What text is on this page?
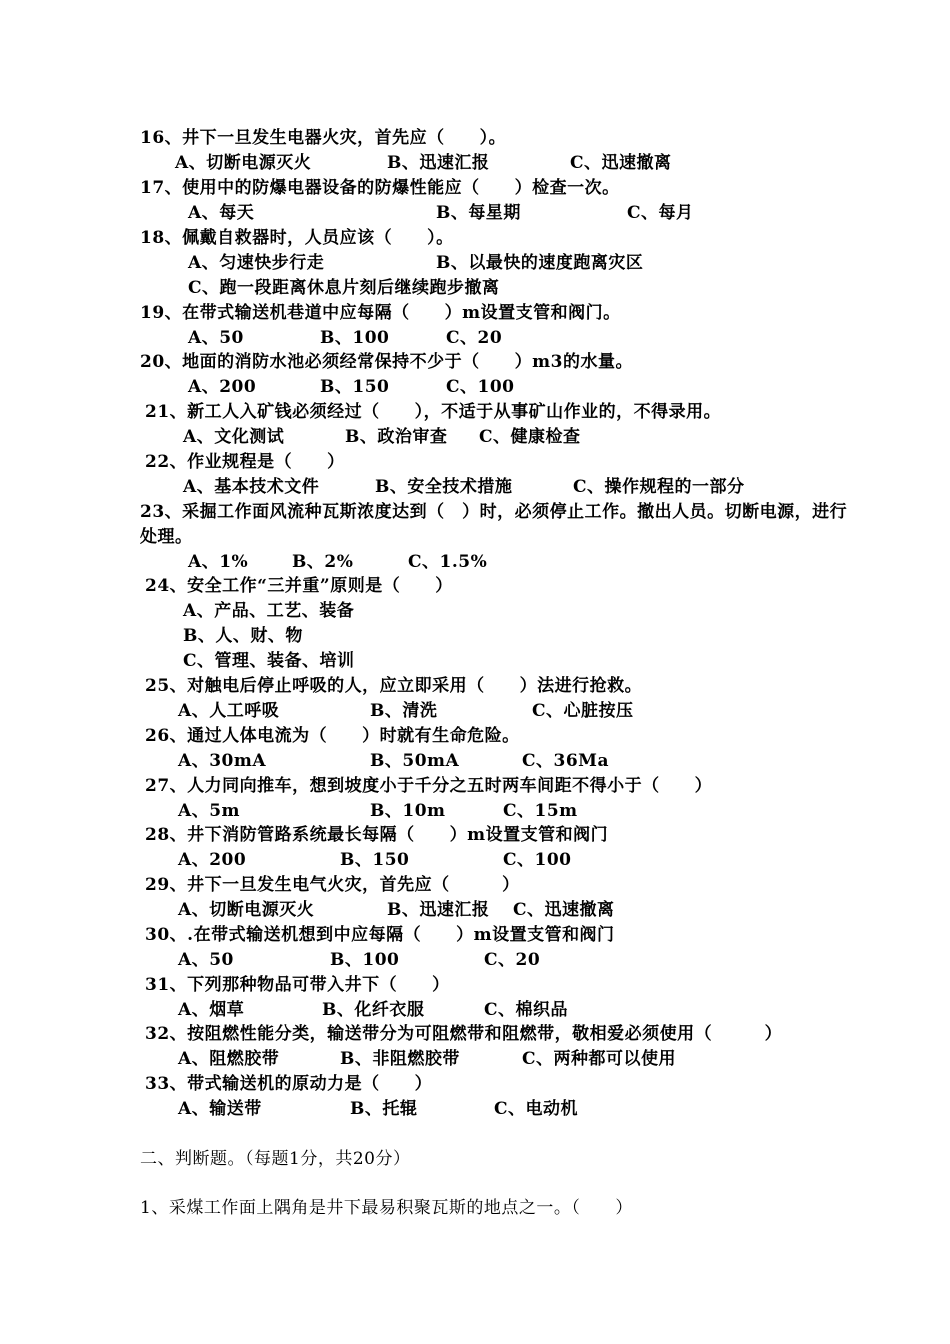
16、井下一旦发生电器火灾，首先应（　　）。
A、切断电源灭火	B、迅速汇报	C、迅速撤离
17、使用中的防爆电器设备的防爆性能应（　　）检查一次。
A、每天	B、每星期	C、每月
18、佩戴自救器时，人员应该（　　）。
A、匀速快步行走	B、以最快的速度跑离灾区
C、跑一段距离休息片刻后继续跑步撤离
19、在带式输送机巷道中应每隔（　　）m设置支管和阀门。
A、50	B、100	C、20
20、地面的消防水池必须经常保持不少于（　　）m3的水量。
A、200	B、150	C、100
21、新工人入矿钱必须经过（　　），不适于从事矿山作业的，不得录用。
A、文化测试	B、政治审查 C、健康检查
22、作业规程是（　　）
A、基本技术文件	B、安全技术措施	C、操作规程的一部分
23、采掘工作面风流种瓦斯浓度达到（　）时，必须停止工作。撤出人员。切断电源，进行
处理。
A、1%	B、2%	C、1.5%
24、安全工作“三并重”原则是（　　）
A、产品、工艺、装备
B、人、财、物
C、管理、装备、培训
25、对触电后停止呼吸的人，应立即采用（　　）法进行抢救。
A、人工呼吸	B、清洗	C、心脏按压
26、通过人体电流为（　　）时就有生命危险。
A、30mA	B、50mA	C、36Ma
27、人力同向推车，想到坡度小于千分之五时两车间距不得小于（　　）
A、5m	B、10m	C、15m
28、井下消防管路系统最长每隔（　　）m设置支管和阀门
A、200	B、150	C、100
29、井下一旦发生电气火灾，首先应（　　　）
A、切断电源灭火	B、迅速汇报 C、迅速撤离
30、.在带式输送机想到中应每隔（　　）m设置支管和阀门
A、50	B、100	C、20
31、下列那种物品可带入井下（　　）
A、烟草	B、化纤衣服	C、棉织品
32、按阻燃性能分类，输送带分为可阻燃带和阻燃带，敬相爱必须使用（　　　）
A、阻燃胶带	B、非阻燃胶带	C、两种都可以使用
33、带式输送机的原动力是（　　）
A、输送带	B、托辊	C、电动机
二、判断题。（每题1分，共20分）
1、采煤工作面上隅角是井下最易积聚瓦斯的地点之一。（　　）
